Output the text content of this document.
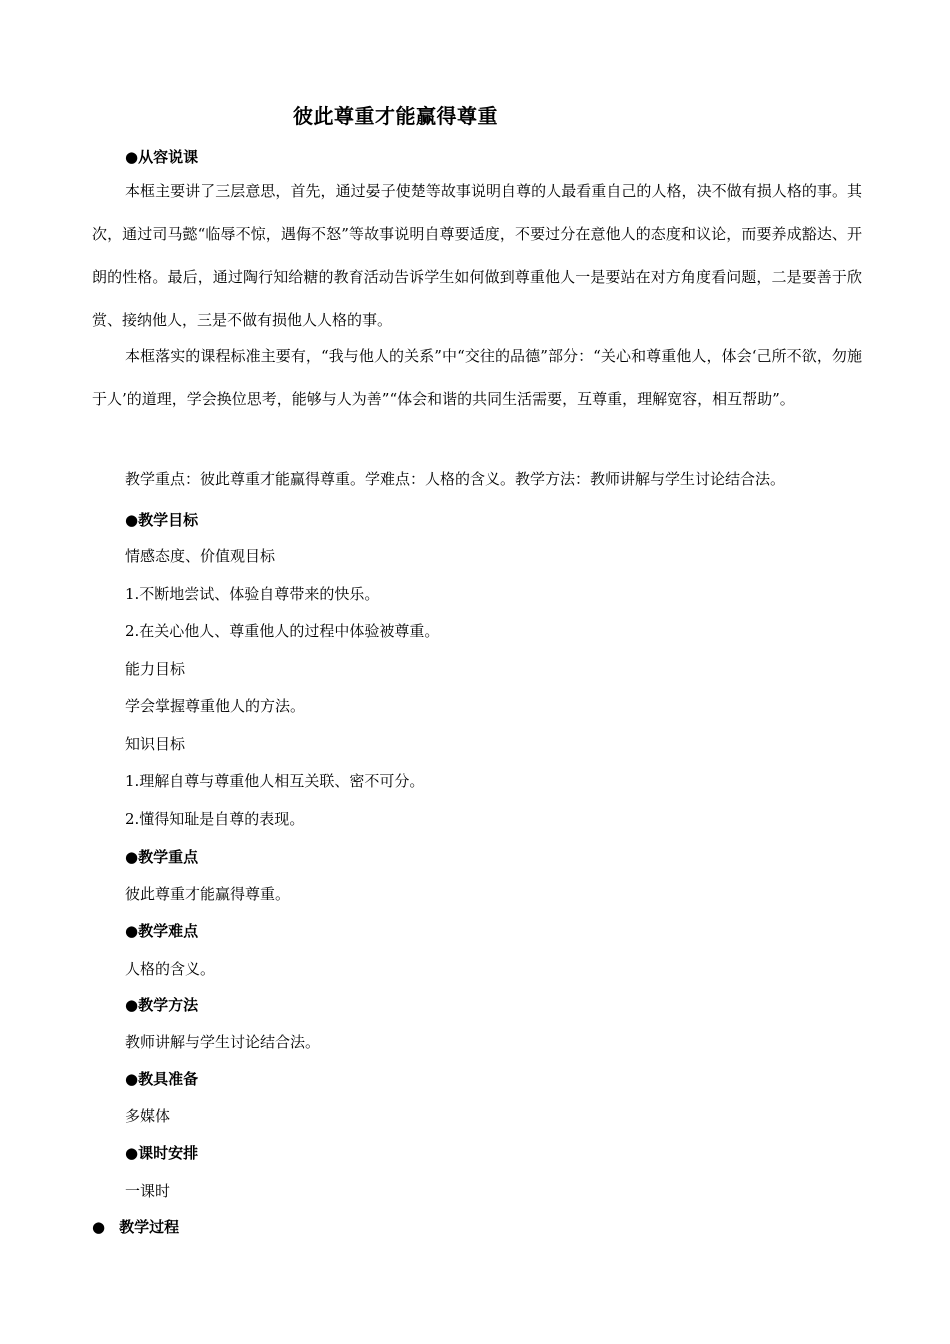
彼此尊重才能赢得尊重
●从容说课
本框主要讲了三层意思，首先，通过晏子使楚等故事说明自尊的人最看重自己的人格，决不做有损人格的事。其次，通过司马懿“临辱不惊，遇侮不怒”等故事说明自尊要适度，不要过分在意他人的态度和议论，而要养成豁达、开朗的性格。最后，通过陶行知给糖的教育活动告诉学生如何做到尊重他人一是要站在对方角度看问题，二是要善于欣赏、接纳他人，三是不做有损他人人格的事。
本框落实的课程标准主要有，“我与他人的关系”中“交往的品德”部分：“关心和尊重他人，体会‘己所不欲，勿施于人’的道理，学会换位思考，能够与人为善”“体会和谐的共同生活需要，互尊重，理解宽容，相互帮助”。
教学重点：彼此尊重才能赢得尊重。学难点：人格的含义。教学方法：教师讲解与学生讨论结合法。
●教学目标
情感态度、价值观目标
1.不断地尝试、体验自尊带来的快乐。
2.在关心他人、尊重他人的过程中体验被尊重。
能力目标
学会掌握尊重他人的方法。
知识目标
1.理解自尊与尊重他人相互关联、密不可分。
2.懂得知耻是自尊的表现。
●教学重点
彼此尊重才能赢得尊重。
●教学难点
人格的含义。
●教学方法
教师讲解与学生讨论结合法。
●教具准备
多媒体
●课时安排
一课时
● 教学过程
